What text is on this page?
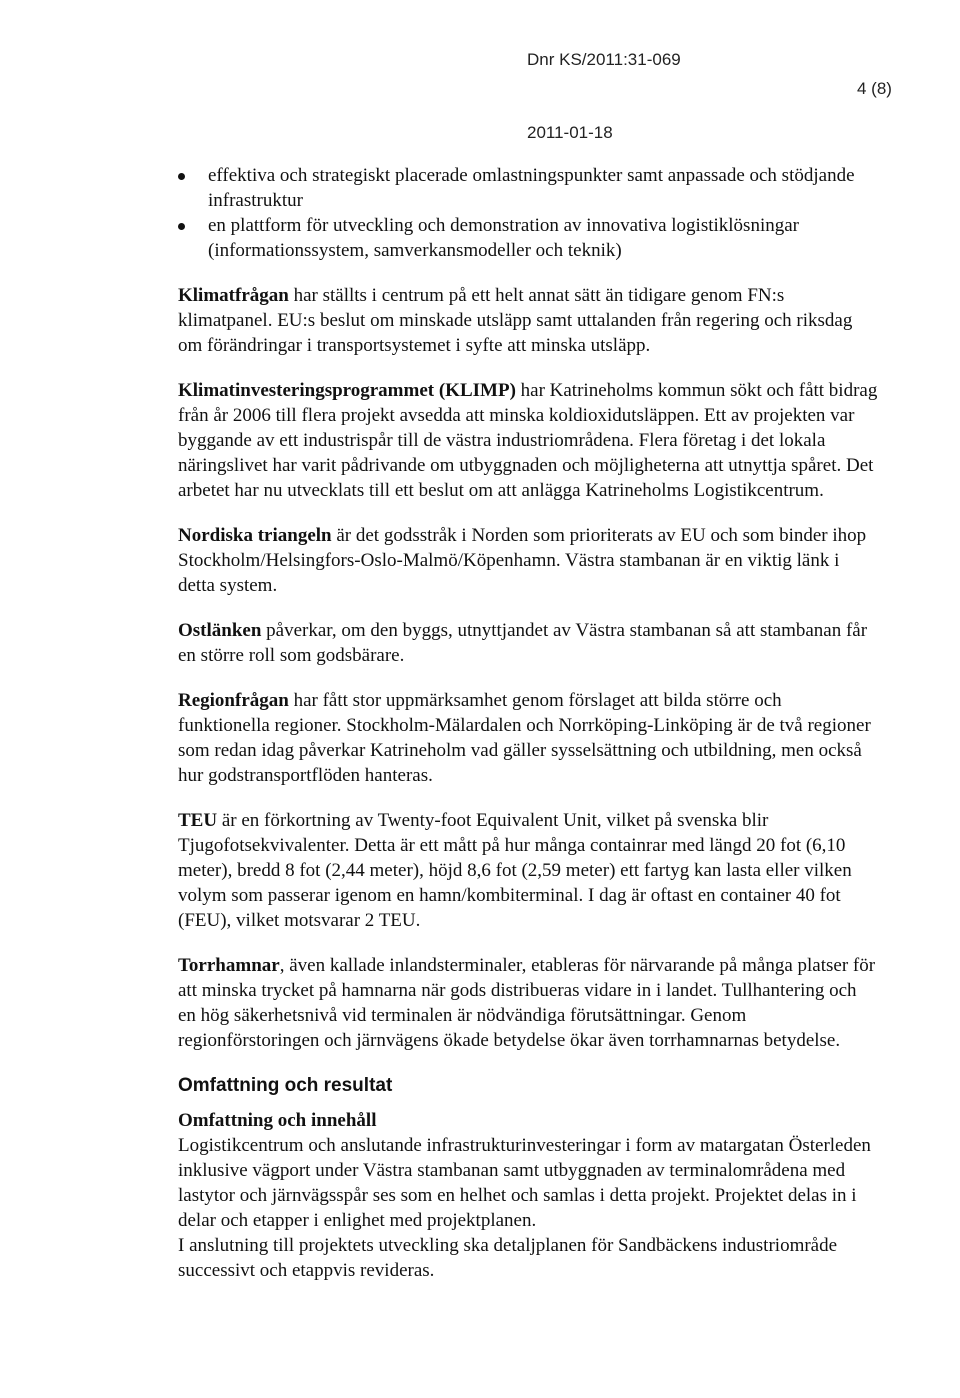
Dnr KS/2011:31-069
4 (8)
2011-01-18
effektiva och strategiskt placerade omlastningspunkter samt anpassade och stödjande infrastruktur
en plattform för utveckling och demonstration av innovativa logistiklösningar (informationssystem, samverkansmodeller och teknik)

Klimatfrågan har ställts i centrum på ett helt annat sätt än tidigare genom FN:s klimatpanel. EU:s beslut om minskade utsläpp samt uttalanden från regering och riksdag om förändringar i transportsystemet i syfte att minska utsläpp.

Klimatinvesteringsprogrammet (KLIMP) har Katrineholms kommun sökt och fått bidrag från år 2006 till flera projekt avsedda att minska koldioxidutsläppen. Ett av projekten var byggande av ett industrispår till de västra industriområdena. Flera företag i det lokala näringslivet har varit pådrivande om utbyggnaden och möjligheterna att utnyttja spåret. Det arbetet har nu utvecklats till ett beslut om att anlägga Katrineholms Logistikcentrum.

Nordiska triangeln är det godsstråk i Norden som prioriterats av EU och som binder ihop Stockholm/Helsingfors-Oslo-Malmö/Köpenhamn. Västra stambanan är en viktig länk i detta system.

Ostlänken påverkar, om den byggs, utnyttjandet av Västra stambanan så att stambanan får en större roll som godsbärare.

Regionfrågan har fått stor uppmärksamhet genom förslaget att bilda större och funktionella regioner. Stockholm-Mälardalen och Norrköping-Linköping är de två regioner som redan idag påverkar Katrineholm vad gäller sysselsättning och utbildning, men också hur godstransportflöden hanteras.

TEU är en förkortning av Twenty-foot Equivalent Unit, vilket på svenska blir Tjugofotsekvivalenter. Detta är ett mått på hur många containrar med längd 20 fot (6,10 meter), bredd 8 fot (2,44 meter), höjd 8,6 fot (2,59 meter) ett fartyg kan lasta eller vilken volym som passerar igenom en hamn/kombiterminal. I dag är oftast en container 40 fot (FEU), vilket motsvarar 2 TEU.

Torrhamnar, även kallade inlandsterminaler, etableras för närvarande på många platser för att minska trycket på hamnarna när gods distribueras vidare in i landet. Tullhantering och en hög säkerhetsnivå vid terminalen är nödvändiga förutsättningar. Genom regionförstoringen och järnvägens ökade betydelse ökar även torrhamnarnas betydelse.

Omfattning och resultat
Omfattning och innehåll
Logistikcentrum och anslutande infrastrukturinvesteringar i form av matargatan Österleden inklusive vägport under Västra stambanan samt utbyggnaden av terminalområdena med lastytor och järnvägsspår ses som en helhet och samlas i detta projekt. Projektet delas in i delar och etapper i enlighet med projektplanen.
I anslutning till projektets utveckling ska detaljplanen för Sandbäckens industriområde successivt och etappvis revideras.
